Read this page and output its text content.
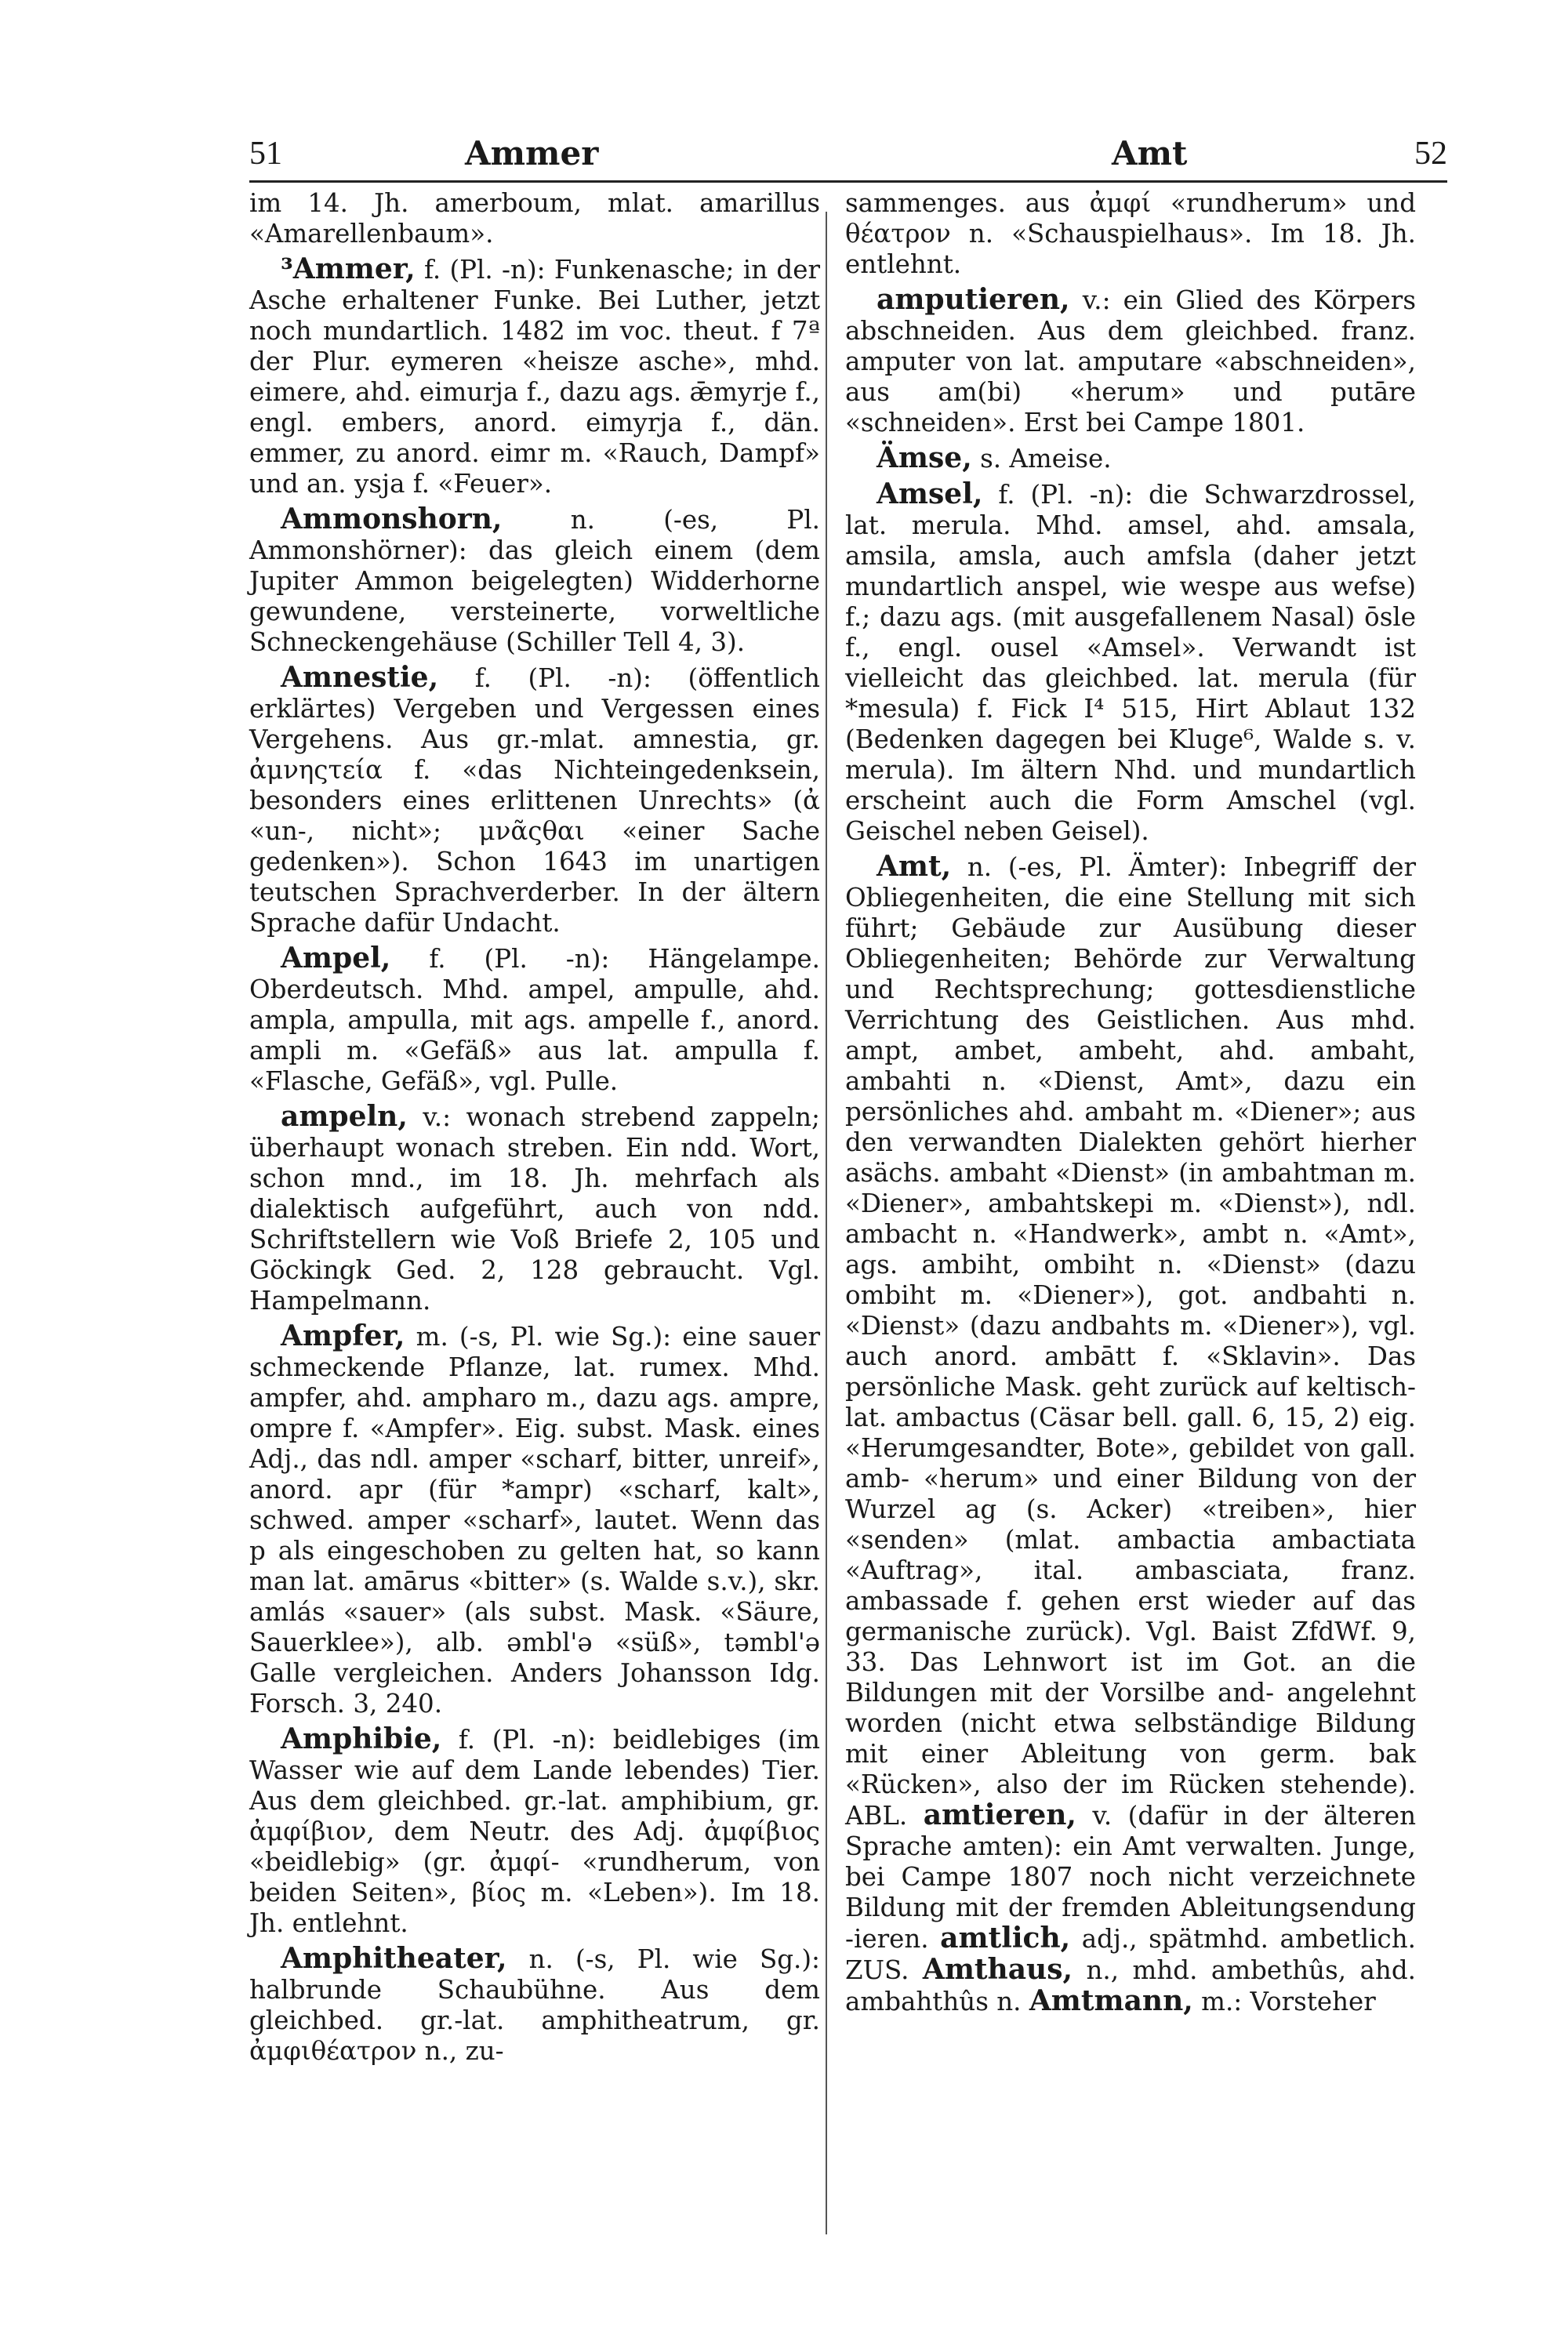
51	Ammer	Amt	52

im 14. Jh. amerboum, mlat. amarillus «Amarellenbaum».

³Ammer, f. (Pl. -n): Funkenasche; in der Asche erhaltener Funke. Bei Luther, jetzt noch mundartlich. 1482 im voc. theut. f 7ª der Plur. eymeren «heisze asche», mhd. eimere, ahd. eimurja f., dazu ags. ǣmyrje f., engl. embers, anord. eimyrja f., dän. emmer, zu anord. eimr m. «Rauch, Dampf» und an. ysja f. «Feuer».

Ammonshorn, n. (-es, Pl. Ammonshörner): das gleich einem (dem Jupiter Ammon beigelegten) Widderhorne gewundene, versteinerte, vorweltliche Schneckengehäuse (Schiller Tell 4, 3).

Amnestie, f. (Pl. -n): (öffentlich erklärtes) Vergeben und Vergessen eines Vergehens. Aus gr.-mlat. amnestia, gr. ἀμνηςτεία f. «das Nichteingedenksein, besonders eines erlittenen Unrechts» (ἀ «un-, nicht»; μνᾶςθαι «einer Sache gedenken»). Schon 1643 im unartigen teutschen Sprachverderber. In der ältern Sprache dafür Undacht.

Ampel, f. (Pl. -n): Hängelampe. Oberdeutsch. Mhd. ampel, ampulle, ahd. ampla, ampulla, mit ags. ampelle f., anord. ampli m. «Gefäß» aus lat. ampulla f. «Flasche, Gefäß», vgl. Pulle.

ampeln, v.: wonach strebend zappeln; überhaupt wonach streben. Ein ndd. Wort, schon mnd., im 18. Jh. mehrfach als dialektisch aufgeführt, auch von ndd. Schriftstellern wie Voß Briefe 2, 105 und Göckingk Ged. 2, 128 gebraucht. Vgl. Hampelmann.

Ampfer, m. (-s, Pl. wie Sg.): eine sauer schmeckende Pflanze, lat. rumex. Mhd. ampfer, ahd. ampharo m., dazu ags. ampre, ompre f. «Ampfer». Eig. subst. Mask. eines Adj., das ndl. amper «scharf, bitter, unreif», anord. apr (für *ampr) «scharf, kalt», schwed. amper «scharf», lautet. Wenn das p als eingeschoben zu gelten hat, so kann man lat. amārus «bitter» (s. Walde s.v.), skr. amlás «sauer» (als subst. Mask. «Säure, Sauerklee»), alb. əmbl'ə «süß», təmbl'ə Galle vergleichen. Anders Johansson Idg. Forsch. 3, 240.

Amphibie, f. (Pl. -n): beidlebiges (im Wasser wie auf dem Lande lebendes) Tier. Aus dem gleichbed. gr.-lat. amphibium, gr. ἀμφίβιον, dem Neutr. des Adj. ἀμφίβιος «beidlebig» (gr. ἀμφί- «rundherum, von beiden Seiten», βίος m. «Leben»). Im 18. Jh. entlehnt.

Amphitheater, n. (-s, Pl. wie Sg.): halbrunde Schaubühne. Aus dem gleichbed. gr.-lat. amphitheatrum, gr. ἀμφιθέατρον n., zu-

sammenges. aus ἀμφί «rundherum» und θέατρον n. «Schauspielhaus». Im 18. Jh. entlehnt.

amputieren, v.: ein Glied des Körpers abschneiden. Aus dem gleichbed. franz. amputer von lat. amputare «abschneiden», aus am(bi) «herum» und putāre «schneiden». Erst bei Campe 1801.

Ämse, s. Ameise.

Amsel, f. (Pl. -n): die Schwarzdrossel, lat. merula. Mhd. amsel, ahd. amsala, amsila, amsla, auch amfsla (daher jetzt mundartlich anspel, wie wespe aus wefse) f.; dazu ags. (mit ausgefallenem Nasal) ōsle f., engl. ousel «Amsel». Verwandt ist vielleicht das gleichbed. lat. merula (für *mesula) f. Fick I⁴ 515, Hirt Ablaut 132 (Bedenken dagegen bei Kluge⁶, Walde s. v. merula). Im ältern Nhd. und mundartlich erscheint auch die Form Amschel (vgl. Geischel neben Geisel).

Amt, n. (-es, Pl. Ämter): Inbegriff der Obliegenheiten, die eine Stellung mit sich führt; Gebäude zur Ausübung dieser Obliegenheiten; Behörde zur Verwaltung und Rechtsprechung; gottesdienstliche Verrichtung des Geistlichen. Aus mhd. ampt, ambet, ambeht, ahd. ambaht, ambahti n. «Dienst, Amt», dazu ein persönliches ahd. ambaht m. «Diener»; aus den verwandten Dialekten gehört hierher asächs. ambaht «Dienst» (in ambahtman m. «Diener», ambahtskepi m. «Dienst»), ndl. ambacht n. «Handwerk», ambt n. «Amt», ags. ambiht, ombiht n. «Dienst» (dazu ombiht m. «Diener»), got. andbahti n. «Dienst» (dazu andbahts m. «Diener»), vgl. auch anord. ambātt f. «Sklavin». Das persönliche Mask. geht zurück auf keltisch-lat. ambactus (Cäsar bell. gall. 6, 15, 2) eig. «Herumgesandter, Bote», gebildet von gall. amb- «herum» und einer Bildung von der Wurzel ag (s. Acker) «treiben», hier «senden» (mlat. ambactia ambactiata «Auftrag», ital. ambasciata, franz. ambassade f. gehen erst wieder auf das germanische zurück). Vgl. Baist ZfdWf. 9, 33. Das Lehnwort ist im Got. an die Bildungen mit der Vorsilbe and- angelehnt worden (nicht etwa selbständige Bildung mit einer Ableitung von germ. bak «Rücken», also der im Rücken stehende). ABL. amtieren, v. (dafür in der älteren Sprache amten): ein Amt verwalten. Junge, bei Campe 1807 noch nicht verzeichnete Bildung mit der fremden Ableitungsendung -ieren. amtlich, adj., spätmhd. ambetlich. ZUS. Amthaus, n., mhd. ambethûs, ahd. ambahthûs n. Amtmann, m.: Vorsteher
